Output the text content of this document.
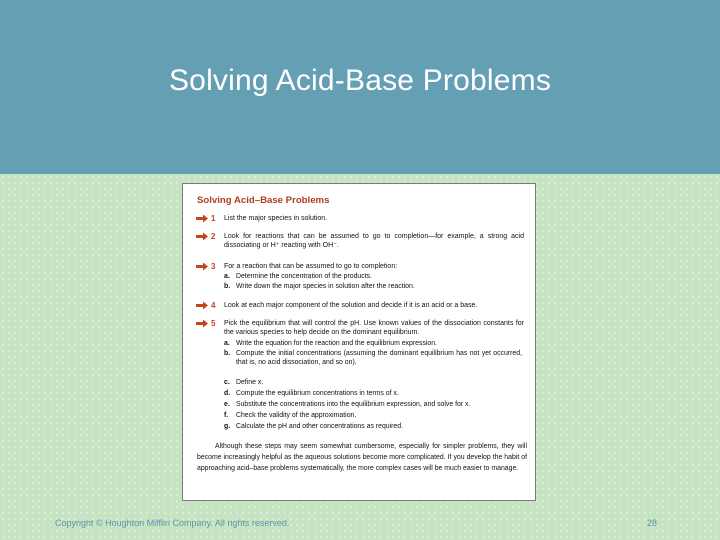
Solving Acid-Base Problems
Solving Acid–Base Problems
1 List the major species in solution.
2 Look for reactions that can be assumed to go to completion—for example, a strong acid dissociating or H⁺ reacting with OH⁻.
3 For a reaction that can be assumed to go to completion:
a. Determine the concentration of the products.
b. Write down the major species in solution after the reaction.
4 Look at each major component of the solution and decide if it is an acid or a base.
5 Pick the equilibrium that will control the pH. Use known values of the dissociation constants for the various species to help decide on the dominant equilibrium.
a. Write the equation for the reaction and the equilibrium expression.
b. Compute the initial concentrations (assuming the dominant equilibrium has not yet occurred, that is, no acid dissociation, and so on).
c. Define x.
d. Compute the equilibrium concentrations in terms of x.
e. Substitute the concentrations into the equilibrium expression, and solve for x.
f. Check the validity of the approximation.
g. Calculate the pH and other concentrations as required.
Although these steps may seem somewhat cumbersome, especially for simpler problems, they will become increasingly helpful as the aqueous solutions become more complicated. If you develop the habit of approaching acid–base problems systematically, the more complex cases will be much easier to manage.
Copyright © Houghton Mifflin Company. All rights reserved.	28
